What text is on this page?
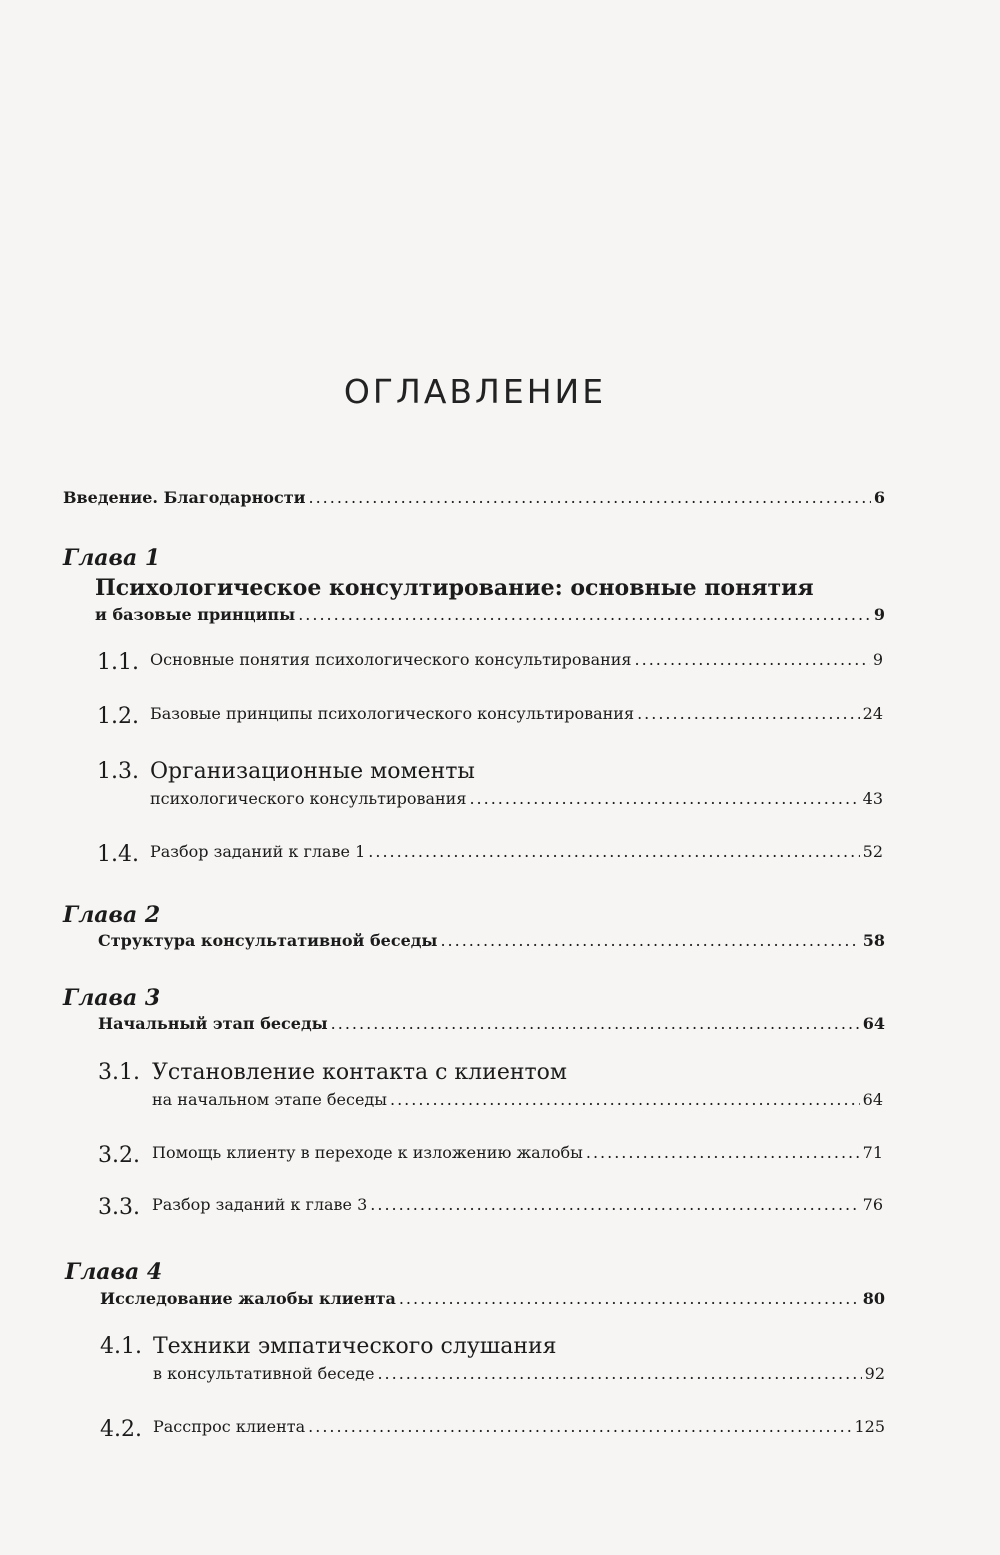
ОГЛАВЛЕНИЕ
Введение. Благодарности .....	6
Глава 1
Психологическое консултирование: основные понятия
и базовые принципы .....	9
1.1. Основные понятия психологического консультирования .....	9
1.2. Базовые принципы психологического консультирования .....	24
1.3. Организационные моменты
психологического консультирования .....	43
1.4. Разбор заданий к главе 1 .....	52
Глава 2
Структура консультативной беседы .....	58
Глава 3
Начальный этап беседы .....	64
3.1. Установление контакта с клиентом
на начальном этапе беседы .....	64
3.2. Помощь клиенту в переходе к изложению жалобы .....	71
3.3. Разбор заданий к главе 3 .....	76
Глава 4
Исследование жалобы клиента .....	80
4.1. Техники эмпатического слушания
в консультативной беседе .....	92
4.2. Расспрос клиента .....	125
